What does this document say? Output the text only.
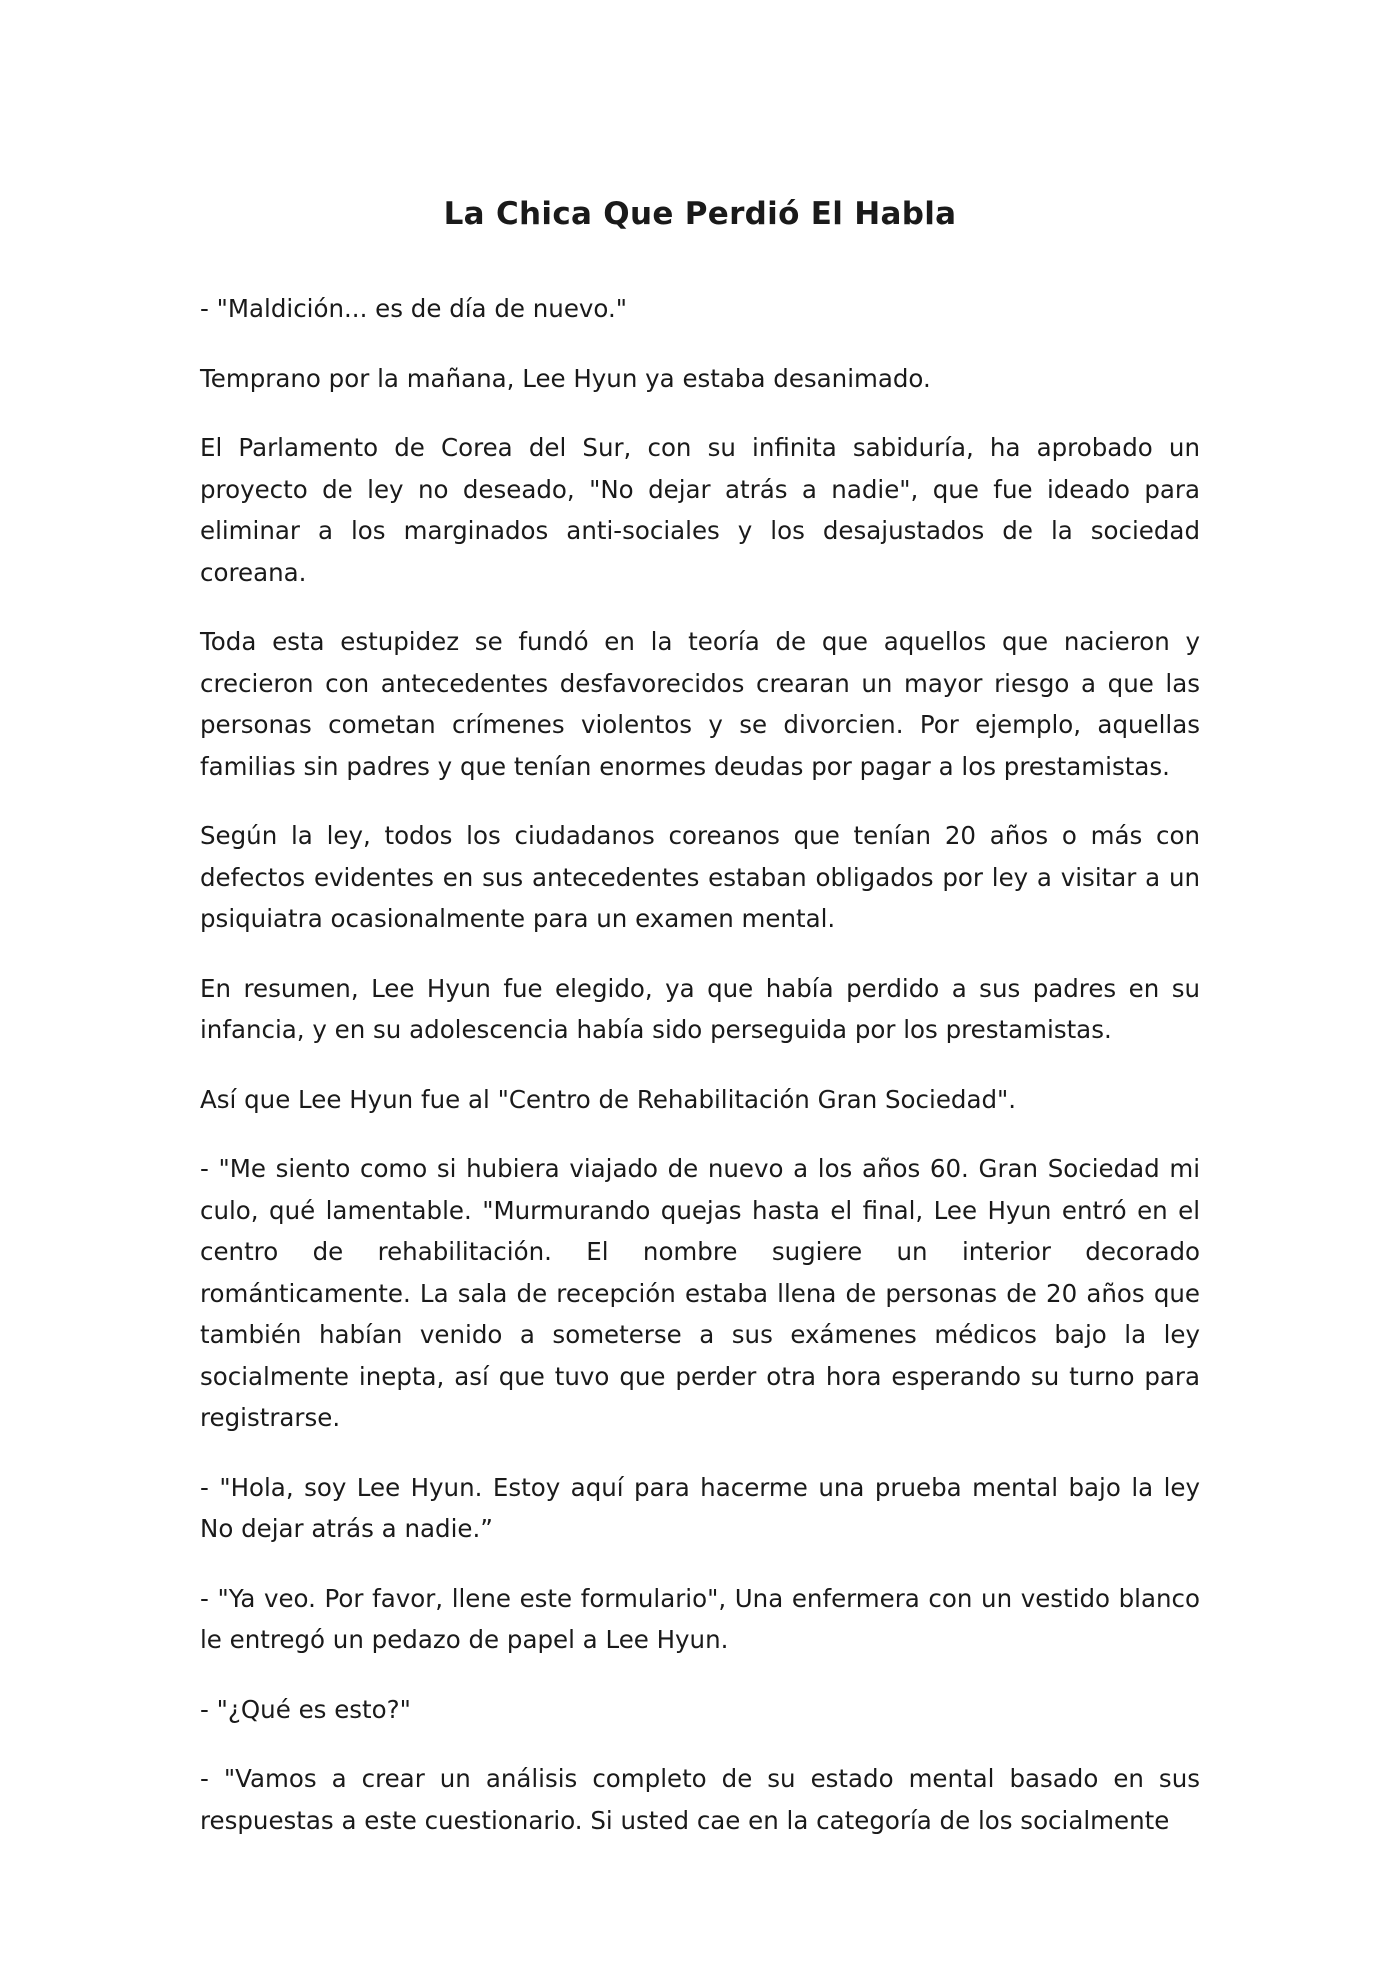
La Chica Que Perdió El Habla

- "Maldición... es de día de nuevo."

Temprano por la mañana, Lee Hyun ya estaba desanimado.

El Parlamento de Corea del Sur, con su infinita sabiduría, ha aprobado un proyecto de ley no deseado, "No dejar atrás a nadie", que fue ideado para eliminar a los marginados anti-sociales y los desajustados de la sociedad coreana.

Toda esta estupidez se fundó en la teoría de que aquellos que nacieron y crecieron con antecedentes desfavorecidos crearan un mayor riesgo a que las personas cometan crímenes violentos y se divorcien. Por ejemplo, aquellas familias sin padres y que tenían enormes deudas por pagar a los prestamistas.

Según la ley, todos los ciudadanos coreanos que tenían 20 años o más con defectos evidentes en sus antecedentes estaban obligados por ley a visitar a un psiquiatra ocasionalmente para un examen mental.

En resumen, Lee Hyun fue elegido, ya que había perdido a sus padres en su infancia, y en su adolescencia había sido perseguida por los prestamistas.

Así que Lee Hyun fue al "Centro de Rehabilitación Gran Sociedad".

- "Me siento como si hubiera viajado de nuevo a los años 60. Gran Sociedad mi culo, qué lamentable. "Murmurando quejas hasta el final, Lee Hyun entró en el centro de rehabilitación. El nombre sugiere un interior decorado románticamente. La sala de recepción estaba llena de personas de 20 años que también habían venido a someterse a sus exámenes médicos bajo la ley socialmente inepta, así que tuvo que perder otra hora esperando su turno para registrarse.

- "Hola, soy Lee Hyun. Estoy aquí para hacerme una prueba mental bajo la ley No dejar atrás a nadie.”

- "Ya veo. Por favor, llene este formulario", Una enfermera con un vestido blanco le entregó un pedazo de papel a Lee Hyun.

- "¿Qué es esto?"

- "Vamos a crear un análisis completo de su estado mental basado en sus respuestas a este cuestionario. Si usted cae en la categoría de los socialmente
